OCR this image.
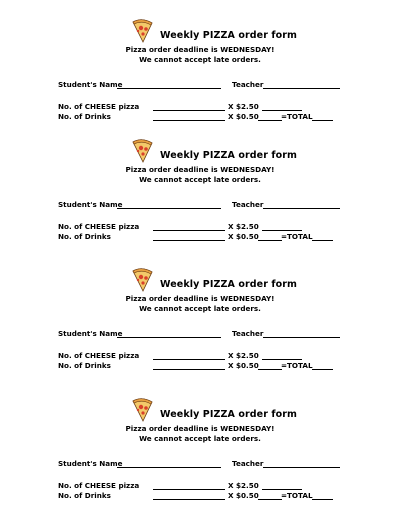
Weekly PIZZA order form
Pizza order deadline is WEDNESDAY!
We cannot accept late orders.
Student's Name	Teacher
No. of CHEESE pizza	X $2.50
No. of Drinks	X $0.50	=TOTAL
Weekly PIZZA order form
Pizza order deadline is WEDNESDAY!
We cannot accept late orders.
Student's Name	Teacher
No. of CHEESE pizza	X $2.50
No. of Drinks	X $0.50	=TOTAL
Weekly PIZZA order form
Pizza order deadline is WEDNESDAY!
We cannot accept late orders.
Student's Name	Teacher
No. of CHEESE pizza	X $2.50
No. of Drinks	X $0.50	=TOTAL
Weekly PIZZA order form
Pizza order deadline is WEDNESDAY!
We cannot accept late orders.
Student's Name	Teacher
No. of CHEESE pizza	X $2.50
No. of Drinks	X $0.50	=TOTAL
